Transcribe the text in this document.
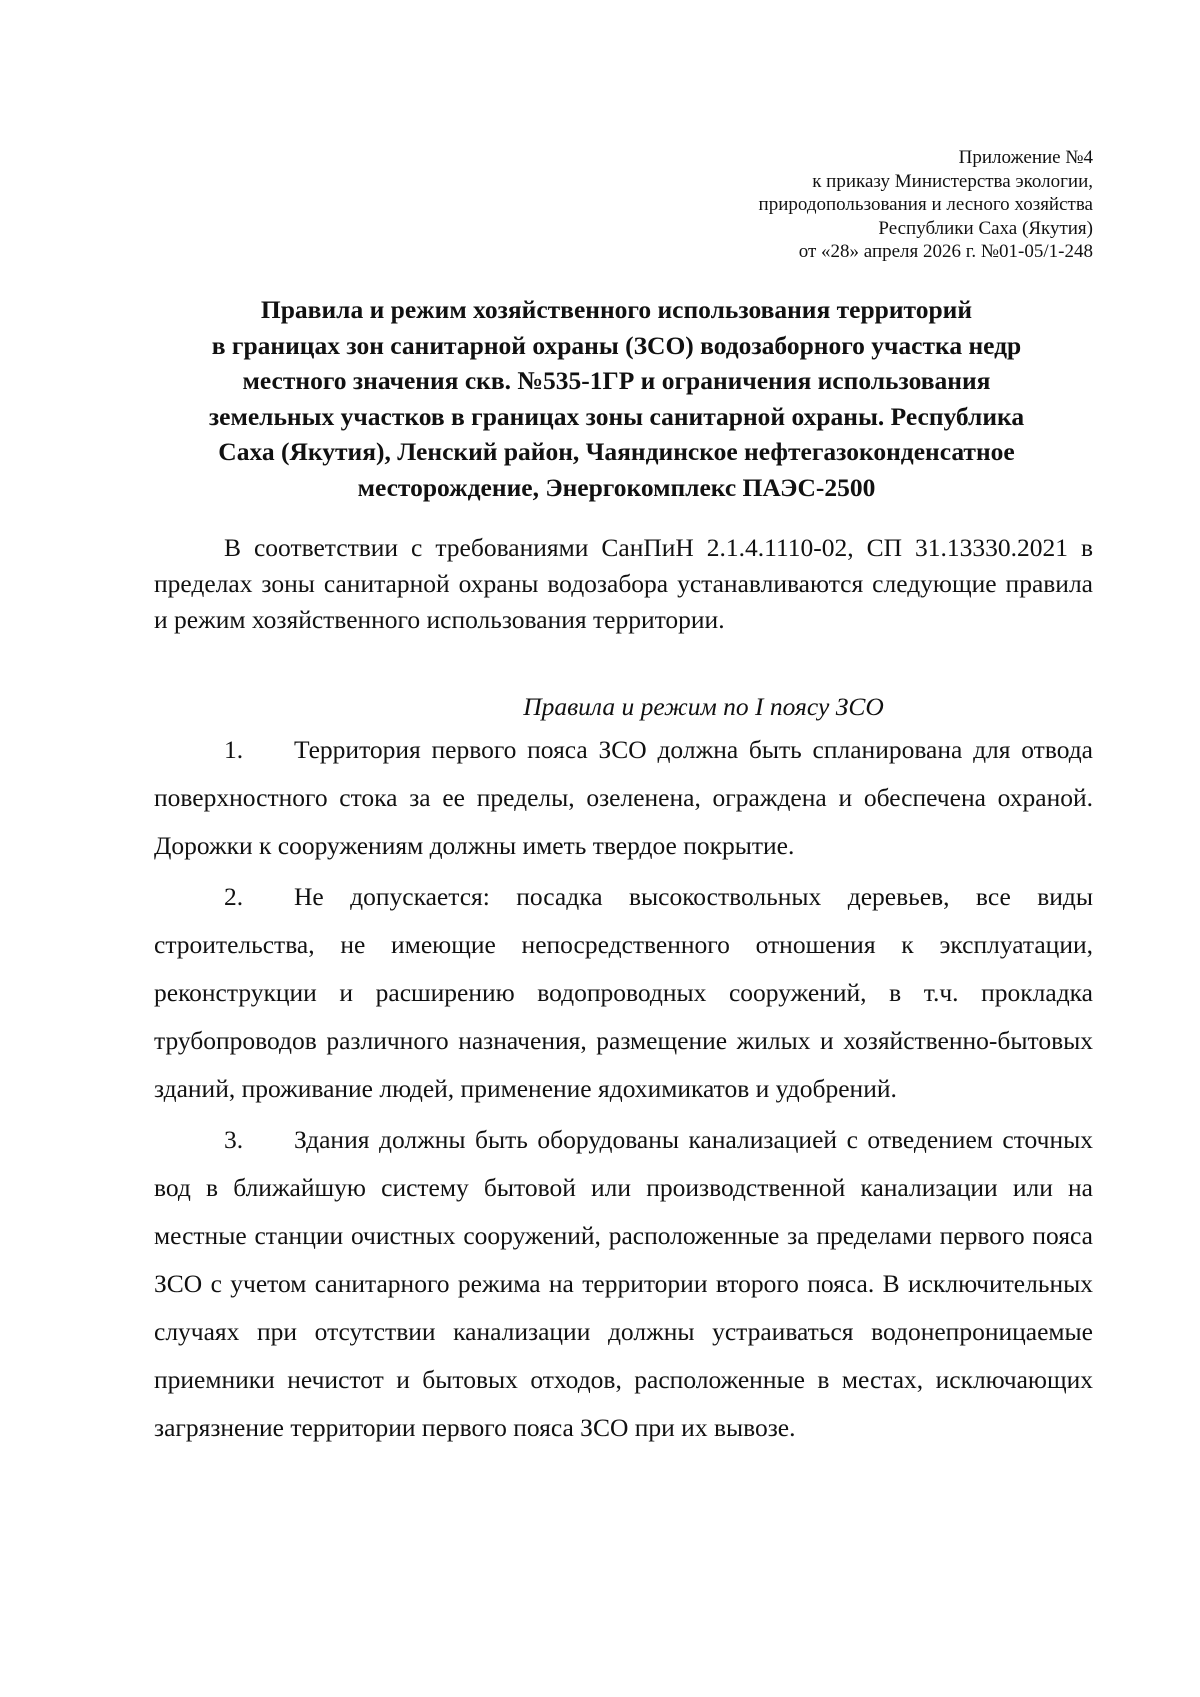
Приложение №4
к приказу Министерства экологии,
природопользования и лесного хозяйства
Республики Саха (Якутия)
от «28» апреля 2026 г. №01-05/1-248
Правила и режим хозяйственного использования территорий
в границах зон санитарной охраны (ЗСО) водозаборного участка недр
местного значения скв. №535-1ГР и ограничения использования
земельных участков в границах зоны санитарной охраны. Республика
Саха (Якутия), Ленский район, Чаяндинское нефтегазоконденсатное
месторождение, Энергокомплекс ПАЭС-2500

В соответствии с требованиями СанПиН 2.1.4.1110-02, СП 31.13330.2021 в пределах зоны санитарной охраны водозабора устанавливаются следующие правила и режим хозяйственного использования территории.

Правила и режим по I поясу ЗСО

1. Территория первого пояса ЗСО должна быть спланирована для отвода поверхностного стока за ее пределы, озеленена, ограждена и обеспечена охраной. Дорожки к сооружениям должны иметь твердое покрытие.

2. Не допускается: посадка высокоствольных деревьев, все виды строительства, не имеющие непосредственного отношения к эксплуатации, реконструкции и расширению водопроводных сооружений, в т.ч. прокладка трубопроводов различного назначения, размещение жилых и хозяйственно-бытовых зданий, проживание людей, применение ядохимикатов и удобрений.

3. Здания должны быть оборудованы канализацией с отведением сточных вод в ближайшую систему бытовой или производственной канализации или на местные станции очистных сооружений, расположенные за пределами первого пояса ЗСО с учетом санитарного режима на территории второго пояса. В исключительных случаях при отсутствии канализации должны устраиваться водонепроницаемые приемники нечистот и бытовых отходов, расположенные в местах, исключающих загрязнение территории первого пояса ЗСО при их вывозе.
